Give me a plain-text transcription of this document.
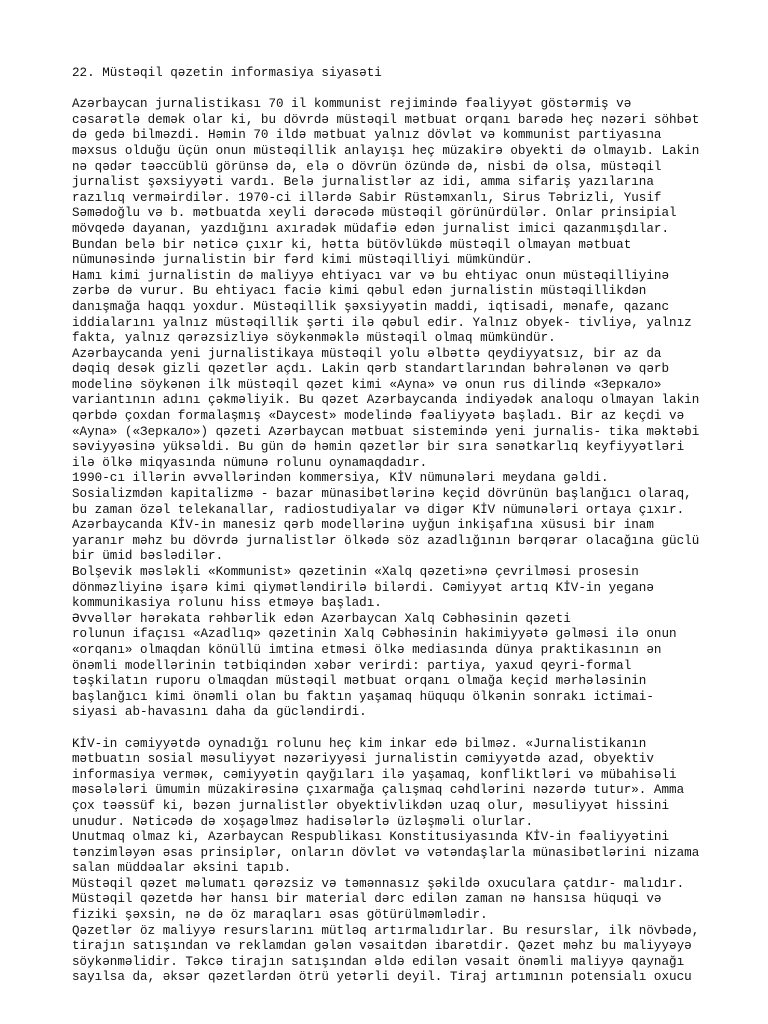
22. Müstəqil qəzetin informasiya siyasəti
Azərbaycan jurnalistikası 70 il kommunist rejimində fəaliyyət göstərmiş və
cəsarətlə demək olar ki, bu dövrdə müstəqil mətbuat orqanı barədə heç nəzəri söhbət
də gedə bilməzdi. Həmin 70 ildə mətbuat yalnız dövlət və kommunist partiyasına
məxsus olduğu üçün onun müstəqillik anlayışı heç müzakirə obyekti də olmayıb. Lakin
nə qədər təəccüblü görünsə də, elə o dövrün özündə də, nisbi də olsa, müstəqil
jurnalist şəxsiyyəti vardı. Belə jurnalistlər az idi, amma sifariş yazılarına
razılıq verməirdilər. 1970-ci illərdə Sabir Rüstəmxanlı, Sirus Təbrizli, Yusif
Səmədoğlu və b. mətbuatda xeyli dərəcədə müstəqil görünürdülər. Onlar prinsipial
mövqedə dayanan, yazdığını axıradək müdafiə edən jurnalist imici qazanmışdılar.
Bundan belə bir nəticə çıxır ki, hətta bütövlükdə müstəqil olmayan mətbuat
nümunəsində jurnalistin bir fərd kimi müstəqilliyi mümkündür.
Hamı kimi jurnalistin də maliyyə ehtiyacı var və bu ehtiyac onun müstəqilliyinə
zərbə də vurur. Bu ehtiyacı faciə kimi qəbul edən jurnalistin müstəqillikdən
danışmağa haqqı yoxdur. Müstəqillik şəxsiyyətin maddi, iqtisadi, mənafe, qazanc
iddialarını yalnız müstəqillik şərti ilə qəbul edir. Yalnız obyek- tivliyə, yalnız
fakta, yalnız qərəzsizliyə söykənməklə müstəqil olmaq mümkündür.
Azərbaycanda yeni jurnalistikaya müstəqil yolu əlbəttə qeydiyyatsız, bir az da
dəqiq desək gizli qəzetlər açdı. Lakin qərb standartlarından bəhrələnən və qərb
modelinə söykənən ilk müstəqil qəzet kimi «Ayna» və onun rus dilində «Зеркало»
variantının adını çəkməliyik. Bu qəzet Azərbaycanda indiyədək analoqu olmayan lakin
qərbdə çoxdan formalaşmış «Daycest» modelində fəaliyyətə başladı. Bir az keçdi və
«Ayna» («Зеркало») qəzeti Azərbaycan mətbuat sistemində yeni jurnalis- tika məktəbi
səviyyəsinə yüksəldi. Bu gün də həmin qəzetlər bir sıra sənətkarlıq keyfiyyətləri
ilə ölkə miqyasında nümunə rolunu oynamaqdadır.
1990-cı illərin əvvəllərindən kommersiya, KİV nümunələri meydana gəldi.
Sosializmdən kapitalizmə - bazar münasibətlərinə keçid dövrünün başlanğıcı olaraq,
bu zaman özəl telekanallar, radiostudiyalar və digər KİV nümunələri ortaya çıxır.
Azərbaycanda KİV-in manesiz qərb modellərinə uyğun inkişafına xüsusi bir inam
yaranır məhz bu dövrdə jurnalistlər ölkədə söz azadlığının bərqərar olacağına güclü
bir ümid bəslədilər.
Bolşevik məsləkli «Kommunist» qəzetinin «Xalq qəzeti»nə çevrilməsi prosesin
dönməzliyinə işarə kimi qiymətləndirilə bilərdi. Cəmiyyət artıq KİV-in yeganə
kommunikasiya rolunu hiss etməyə başladı.
Əvvəllər hərəkata rəhbərlik edən Azərbaycan Xalq Cəbhəsinin qəzeti
rolunun ifaçısı «Azadlıq» qəzetinin Xalq Cəbhəsinin hakimiyyətə gəlməsi ilə onun
«orqanı» olmaqdan könüllü imtina etməsi ölkə mediasında dünya praktikasının ən
önəmli modellərinin tətbiqindən xəbər verirdi: partiya, yaxud qeyri-formal
təşkilatın ruporu olmaqdan müstəqil mətbuat orqanı olmağa keçid mərhələsinin
başlanğıcı kimi önəmli olan bu faktın yaşamaq hüququ ölkənin sonrakı ictimai-
siyasi ab-havasını daha da gücləndirdi.
KİV-in cəmiyyətdə oynadığı rolunu heç kim inkar edə bilməz. «Jurnalistikanın
mətbuatın sosial məsuliyyət nəzəriyyəsi jurnalistin cəmiyyətdə azad, obyektiv
informasiya verməк, cəmiyyətin qayğıları ilə yaşamaq, konfliktləri və mübahisəli
məsələləri ümumin müzakirəsinə çıxarmağa çalışmaq cəhdlərini nəzərdə tutur». Amma
çox təəssüf ki, bəzən jurnalistlər obyektivlikdən uzaq olur, məsuliyyət hissini
unudur. Nəticədə də xoşagəlməz hadisələrlə üzləşməli olurlar.
Unutmaq olmaz ki, Azərbaycan Respublikası Konstitusiyasında KİV-in fəaliyyətini
tənzimləyən əsas prinsiplər, onların dövlət və vətəndaşlarla münasibətlərini nizama
salan müddəalar əksini tapıb.
Müstəqil qəzet məlumatı qərəzsiz və təmənnasız şəkildə oxuculara çatdır- malıdır.
Müstəqil qəzetdə hər hansı bir material dərc edilən zaman nə hansısa hüquqi və
fiziki şəxsin, nə də öz maraqları əsas götürülməmlədir.
Qəzetlər öz maliyyə resurslarını mütləq artırmalıdırlar. Bu resurslar, ilk növbədə,
tirajın satışından və reklamdan gələn vəsaitdən ibarətdir. Qəzet məhz bu maliyyəyə
söykənməlidir. Təkcə tirajın satışından əldə edilən vəsait önəmli maliyyə qaynağı
sayılsa da, əksər qəzetlərdən ötrü yetərli deyil. Tiraj artımının potensialı oxucu
